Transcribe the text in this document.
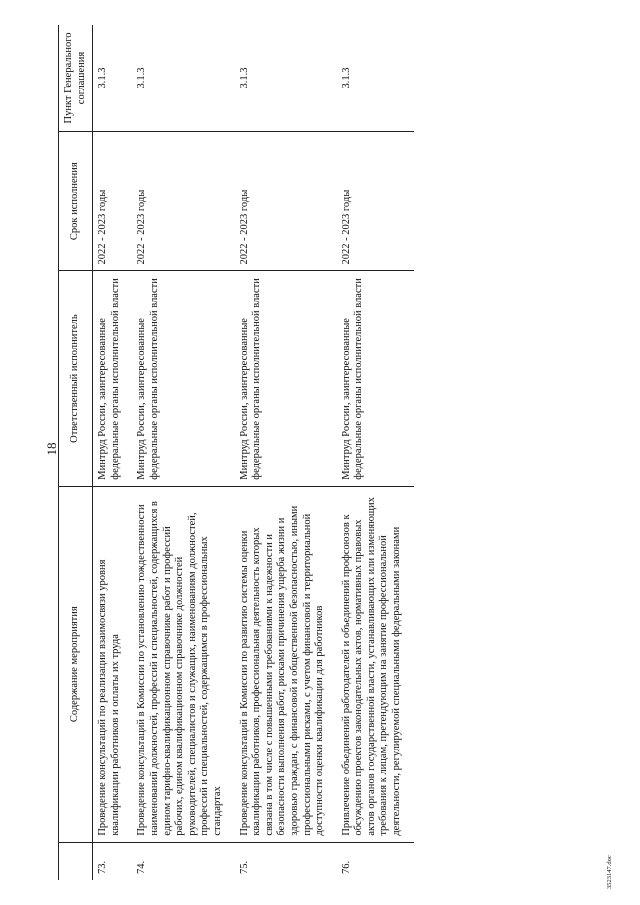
18
	Содержание мероприятия	Ответственный исполнитель	Срок исполнения	Пункт Генерального соглашения
73.	Проведение консультаций по реализации взаимосвязи уровня квалификации работников и оплаты их труда	Минтруд России, заинтересованные федеральные органы исполнительной власти	2022 - 2023 годы	3.1.3
74.	Проведение консультаций в Комиссии по установлению тождественности наименований должностей, профессий и специальностей, содержащихся в едином тарифно-квалификационном справочнике работ и профессий рабочих, едином квалификационном справочнике должностей руководителей, специалистов и служащих, наименованиям должностей, профессий и специальностей, содержащимся в профессиональных стандартах	Минтруд России, заинтересованные федеральные органы исполнительной власти	2022 - 2023 годы	3.1.3
75.	Проведение консультаций в Комиссии по развитию системы оценки квалификации работников, профессиональная деятельность которых связана в том числе с повышенными требованиями к надежности и безопасности выполнения работ, рисками причинения ущерба жизни и здоровью граждан, с финансовой и общественной безопасностью, иными профессиональными рисками, с учетом финансовой и территориальной доступности оценки квалификации для работников	Минтруд России, заинтересованные федеральные органы исполнительной власти	2022 - 2023 годы	3.1.3
76.	Привлечение объединений работодателей и объединений профсоюзов к обсуждению проектов законодательных актов, нормативных правовых актов органов государственной власти, устанавливающих или изменяющих требования к лицам, претендующим на занятие профессиональной деятельности, регулируемой специальными федеральными законами	Минтруд России, заинтересованные федеральные органы исполнительной власти	2022 - 2023 годы	3.1.3
3523147.doc
